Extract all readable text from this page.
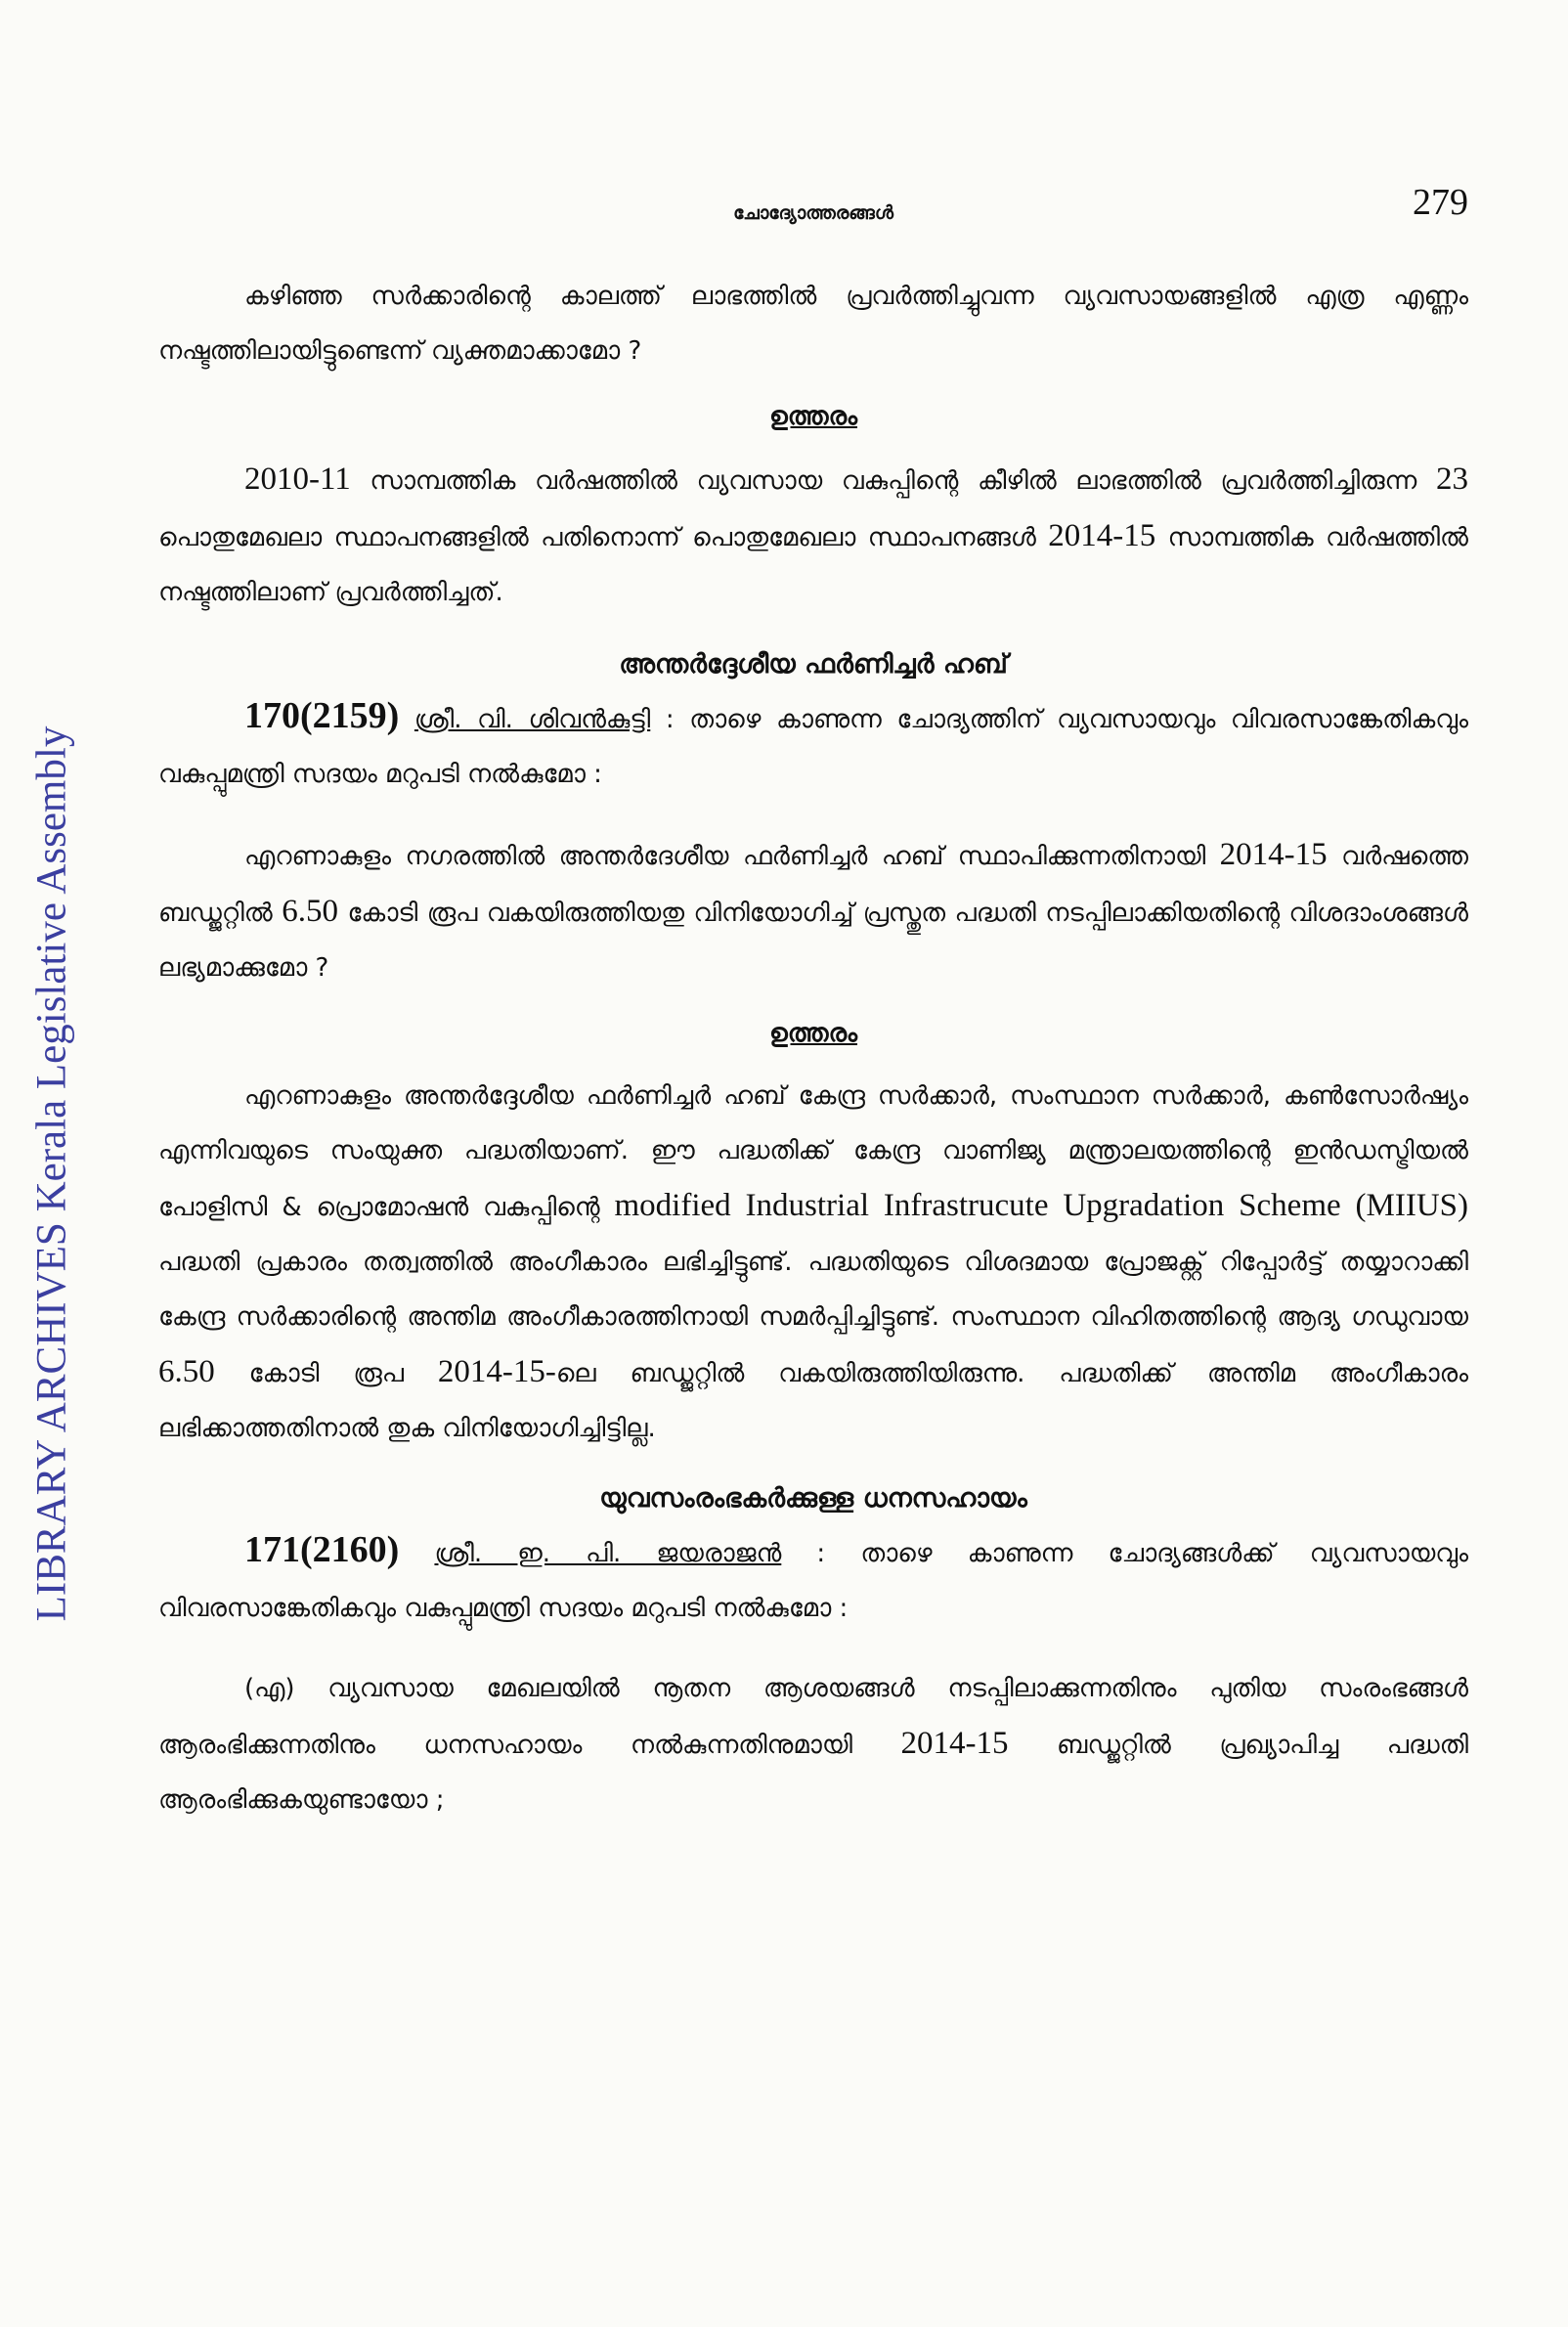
LIBRARY ARCHIVES Kerala Legislative Assembly
ചോദ്യോത്തരങ്ങൾ	279

കഴിഞ്ഞ സർക്കാരിന്റെ കാലത്ത് ലാഭത്തിൽ പ്രവർത്തിച്ചുവന്ന വ്യവസായങ്ങളിൽ എത്ര എണ്ണം നഷ്ടത്തിലായിട്ടുണ്ടെന്ന് വ്യക്തമാക്കാമോ ?

ഉത്തരം

2010-11 സാമ്പത്തിക വർഷത്തിൽ വ്യവസായ വകുപ്പിന്റെ കീഴിൽ ലാഭത്തിൽ പ്രവർത്തിച്ചിരുന്ന 23 പൊതുമേഖലാ സ്ഥാപനങ്ങളിൽ പതിനൊന്ന് പൊതുമേഖലാ സ്ഥാപനങ്ങൾ 2014-15 സാമ്പത്തിക വർഷത്തിൽ നഷ്ടത്തിലാണ് പ്രവർത്തിച്ചത്.

അന്തർദ്ദേശീയ ഫർണിച്ചർ ഹബ്

170(2159) ശ്രീ. വി. ശിവൻകുട്ടി : താഴെ കാണുന്ന ചോദ്യത്തിന് വ്യവസായവും വിവരസാങ്കേതികവും വകുപ്പുമന്ത്രി സദയം മറുപടി നൽകുമോ :

എറണാകുളം നഗരത്തിൽ അന്തർദേശീയ ഫർണിച്ചർ ഹബ് സ്ഥാപിക്കുന്നതിനായി 2014-15 വർഷത്തെ ബഡ്ജറ്റിൽ 6.50 കോടി രൂപ വകയിരുത്തിയതു വിനിയോഗിച്ച് പ്രസ്തുത പദ്ധതി നടപ്പിലാക്കിയതിന്റെ വിശദാംശങ്ങൾ ലഭ്യമാക്കുമോ ?

ഉത്തരം

എറണാകുളം അന്തർദ്ദേശീയ ഫർണിച്ചർ ഹബ് കേന്ദ്ര സർക്കാർ, സംസ്ഥാന സർക്കാർ, കൺസോർഷ്യം എന്നിവയുടെ സംയുക്ത പദ്ധതിയാണ്. ഈ പദ്ധതിക്ക് കേന്ദ്ര വാണിജ്യ മന്ത്രാലയത്തിന്റെ ഇൻഡസ്ട്രിയൽ പോളിസി & പ്രൊമോഷൻ വകുപ്പിന്റെ modified Industrial Infrastrucute Upgradation Scheme (MIIUS) പദ്ധതി പ്രകാരം തത്വത്തിൽ അംഗീകാരം ലഭിച്ചിട്ടുണ്ട്. പദ്ധതിയുടെ വിശദമായ പ്രോജക്റ്റ് റിപ്പോർട്ട് തയ്യാറാക്കി കേന്ദ്ര സർക്കാരിന്റെ അന്തിമ അംഗീകാരത്തിനായി സമർപ്പിച്ചിട്ടുണ്ട്. സംസ്ഥാന വിഹിതത്തിന്റെ ആദ്യ ഗഡുവായ 6.50 കോടി രൂപ 2014-15-ലെ ബഡ്ജറ്റിൽ വകയിരുത്തിയിരുന്നു. പദ്ധതിക്ക് അന്തിമ അംഗീകാരം ലഭിക്കാത്തതിനാൽ തുക വിനിയോഗിച്ചിട്ടില്ല.

യുവസംരംഭകർക്കുള്ള ധനസഹായം

171(2160) ശ്രീ. ഇ. പി. ജയരാജൻ : താഴെ കാണുന്ന ചോദ്യങ്ങൾക്ക് വ്യവസായവും വിവരസാങ്കേതികവും വകുപ്പുമന്ത്രി സദയം മറുപടി നൽകുമോ :

(എ) വ്യവസായ മേഖലയിൽ നൂതന ആശയങ്ങൾ നടപ്പിലാക്കുന്നതിനും പുതിയ സംരംഭങ്ങൾ ആരംഭിക്കുന്നതിനും ധനസഹായം നൽകുന്നതിനുമായി 2014-15 ബഡ്ജറ്റിൽ പ്രഖ്യാപിച്ച പദ്ധതി ആരംഭിക്കുകയുണ്ടായോ ;
